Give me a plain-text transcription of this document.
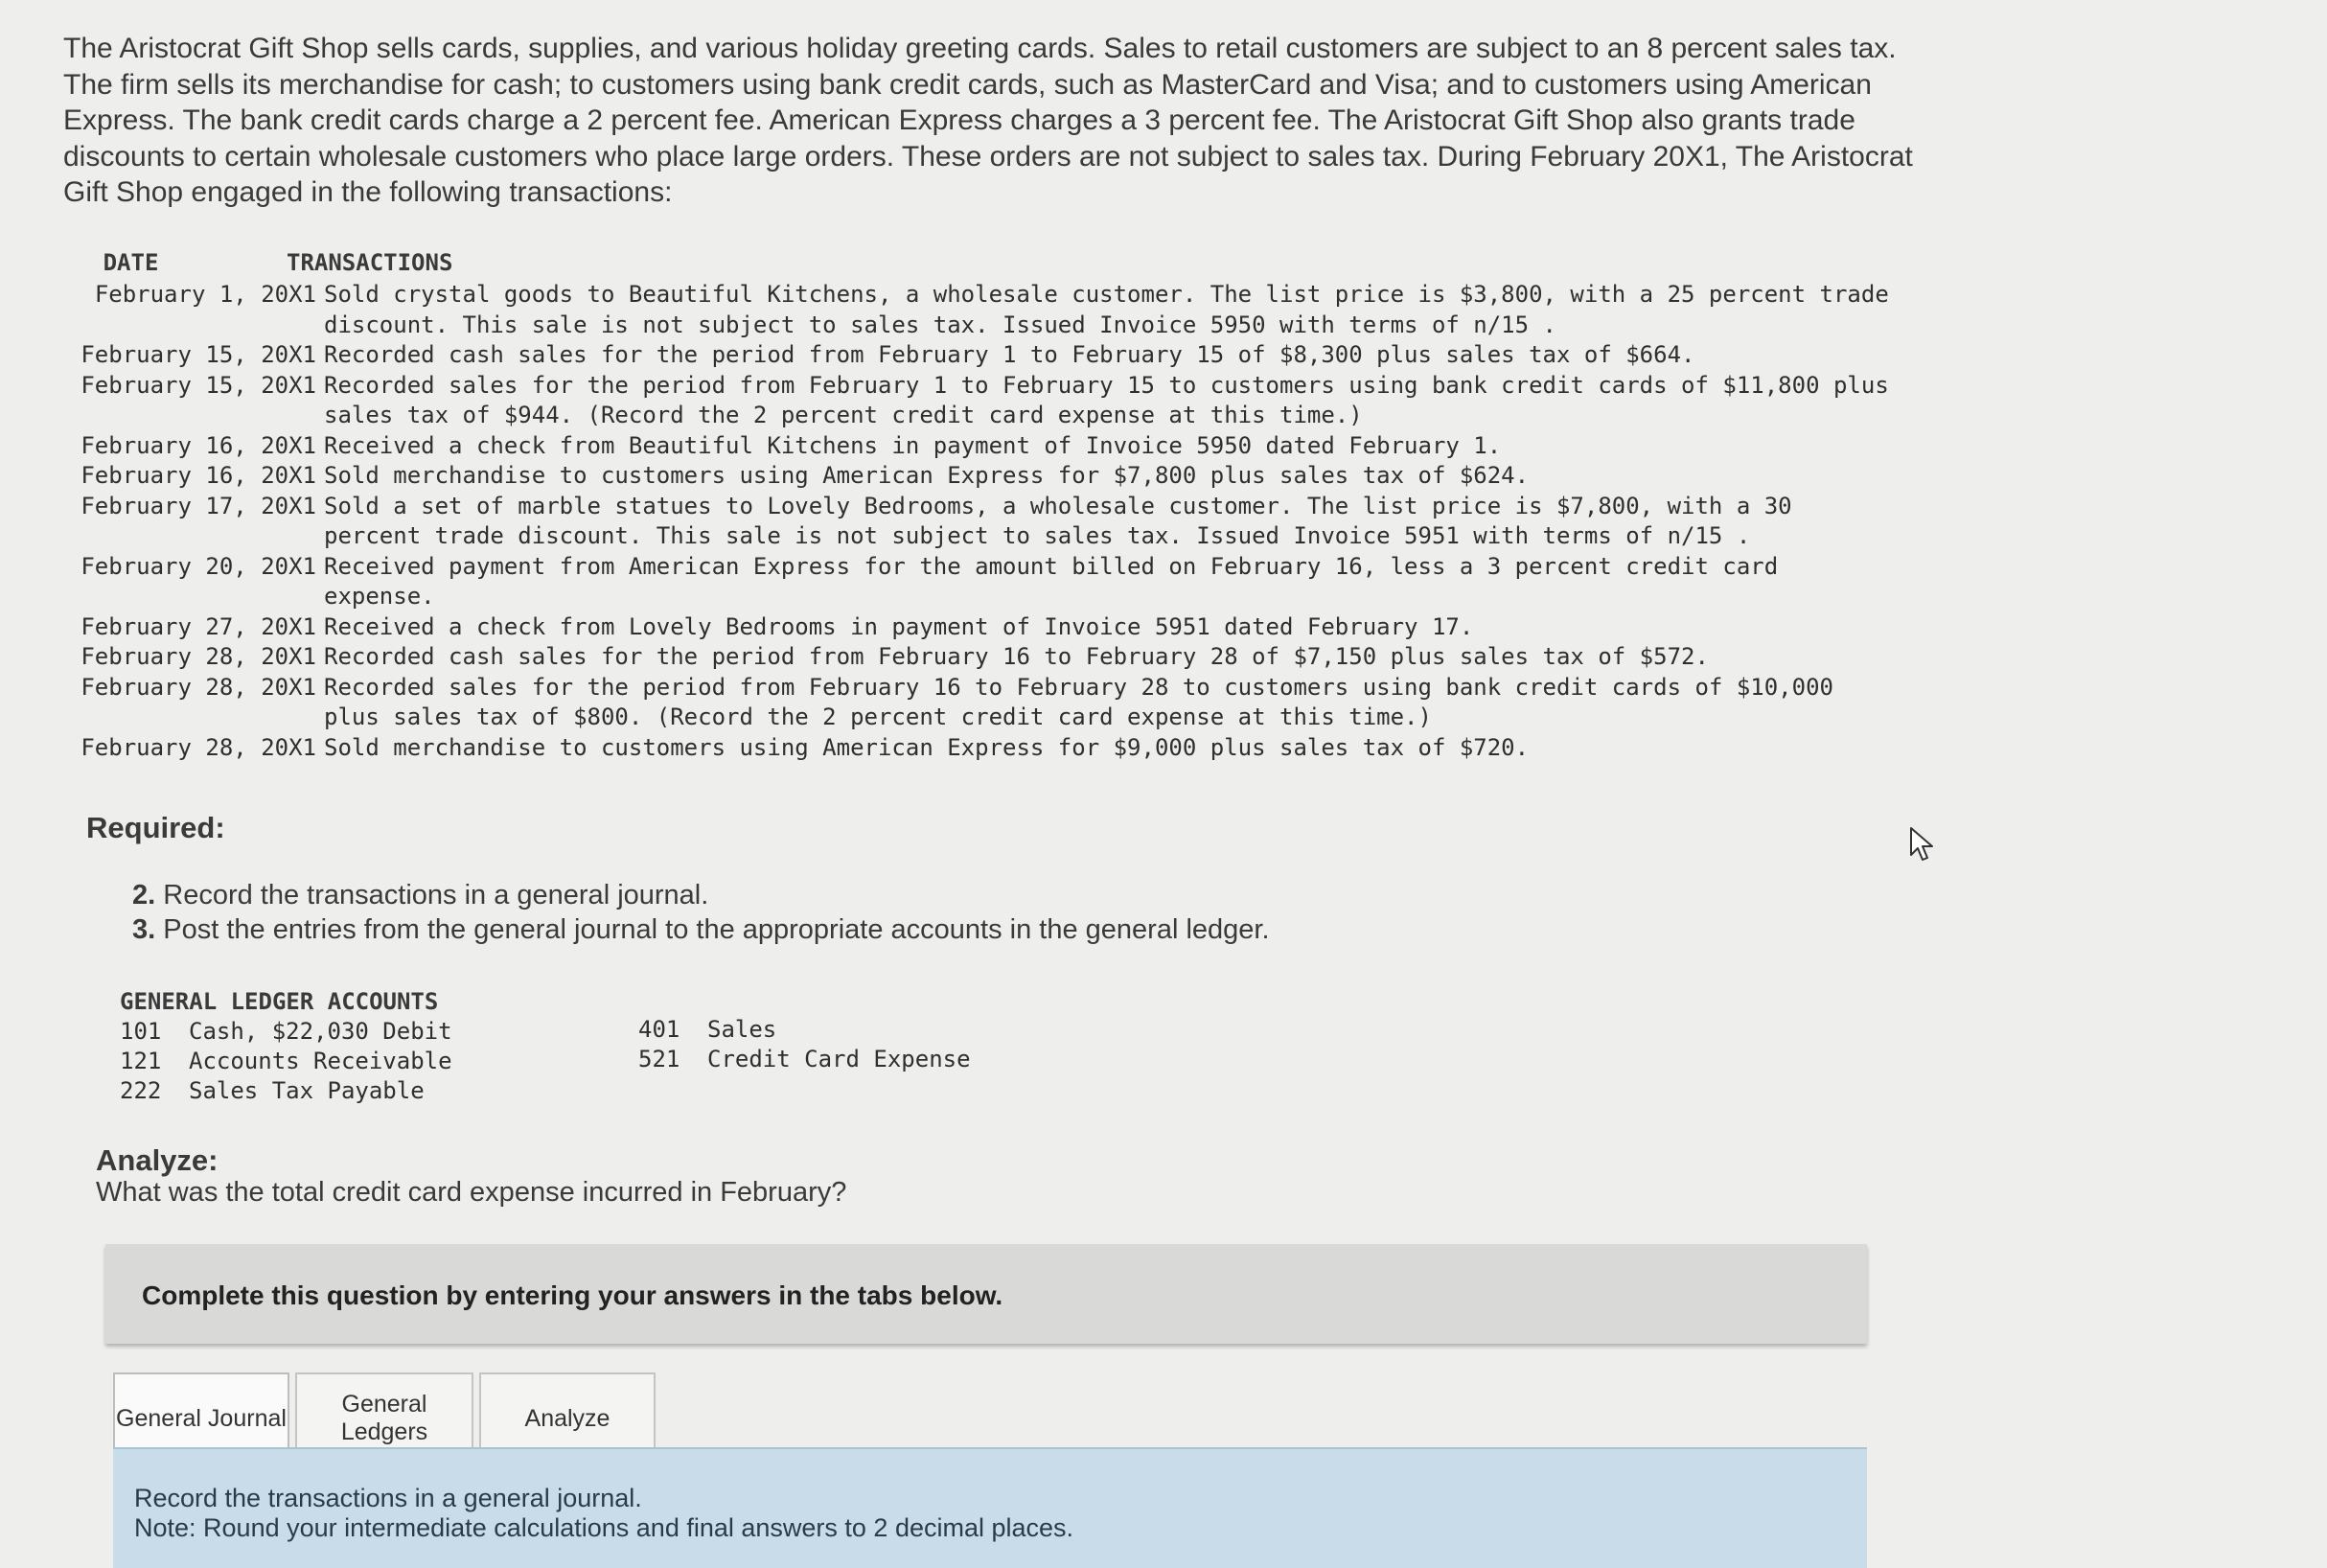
The Aristocrat Gift Shop sells cards, supplies, and various holiday greeting cards. Sales to retail customers are subject to an 8 percent sales tax. The firm sells its merchandise for cash; to customers using bank credit cards, such as MasterCard and Visa; and to customers using American Express. The bank credit cards charge a 2 percent fee. American Express charges a 3 percent fee. The Aristocrat Gift Shop also grants trade discounts to certain wholesale customers who place large orders. These orders are not subject to sales tax. During February 20X1, The Aristocrat Gift Shop engaged in the following transactions:
DATE	TRANSACTIONS
February 1, 20X1 Sold crystal goods to Beautiful Kitchens, a wholesale customer. The list price is $3,800, with a 25 percent trade discount. This sale is not subject to sales tax. Issued Invoice 5950 with terms of n/15 .
February 15, 20X1 Recorded cash sales for the period from February 1 to February 15 of $8,300 plus sales tax of $664.
February 15, 20X1 Recorded sales for the period from February 1 to February 15 to customers using bank credit cards of $11,800 plus sales tax of $944. (Record the 2 percent credit card expense at this time.)
February 16, 20X1 Received a check from Beautiful Kitchens in payment of Invoice 5950 dated February 1.
February 16, 20X1 Sold merchandise to customers using American Express for $7,800 plus sales tax of $624.
February 17, 20X1 Sold a set of marble statues to Lovely Bedrooms, a wholesale customer. The list price is $7,800, with a 30 percent trade discount. This sale is not subject to sales tax. Issued Invoice 5951 with terms of n/15 .
February 20, 20X1 Received payment from American Express for the amount billed on February 16, less a 3 percent credit card expense.
February 27, 20X1 Received a check from Lovely Bedrooms in payment of Invoice 5951 dated February 17.
February 28, 20X1 Recorded cash sales for the period from February 16 to February 28 of $7,150 plus sales tax of $572.
February 28, 20X1 Recorded sales for the period from February 16 to February 28 to customers using bank credit cards of $10,000 plus sales tax of $800. (Record the 2 percent credit card expense at this time.)
February 28, 20X1 Sold merchandise to customers using American Express for $9,000 plus sales tax of $720.
Required:
2. Record the transactions in a general journal.
3. Post the entries from the general journal to the appropriate accounts in the general ledger.
GENERAL LEDGER ACCOUNTS
101	Cash, $22,030 Debit
121	Accounts Receivable
222	Sales Tax Payable
401	Sales
521	Credit Card Expense
Analyze:
What was the total credit card expense incurred in February?
Complete this question by entering your answers in the tabs below.
General Journal
General Ledgers
Analyze
Record the transactions in a general journal.
Note: Round your intermediate calculations and final answers to 2 decimal places.
